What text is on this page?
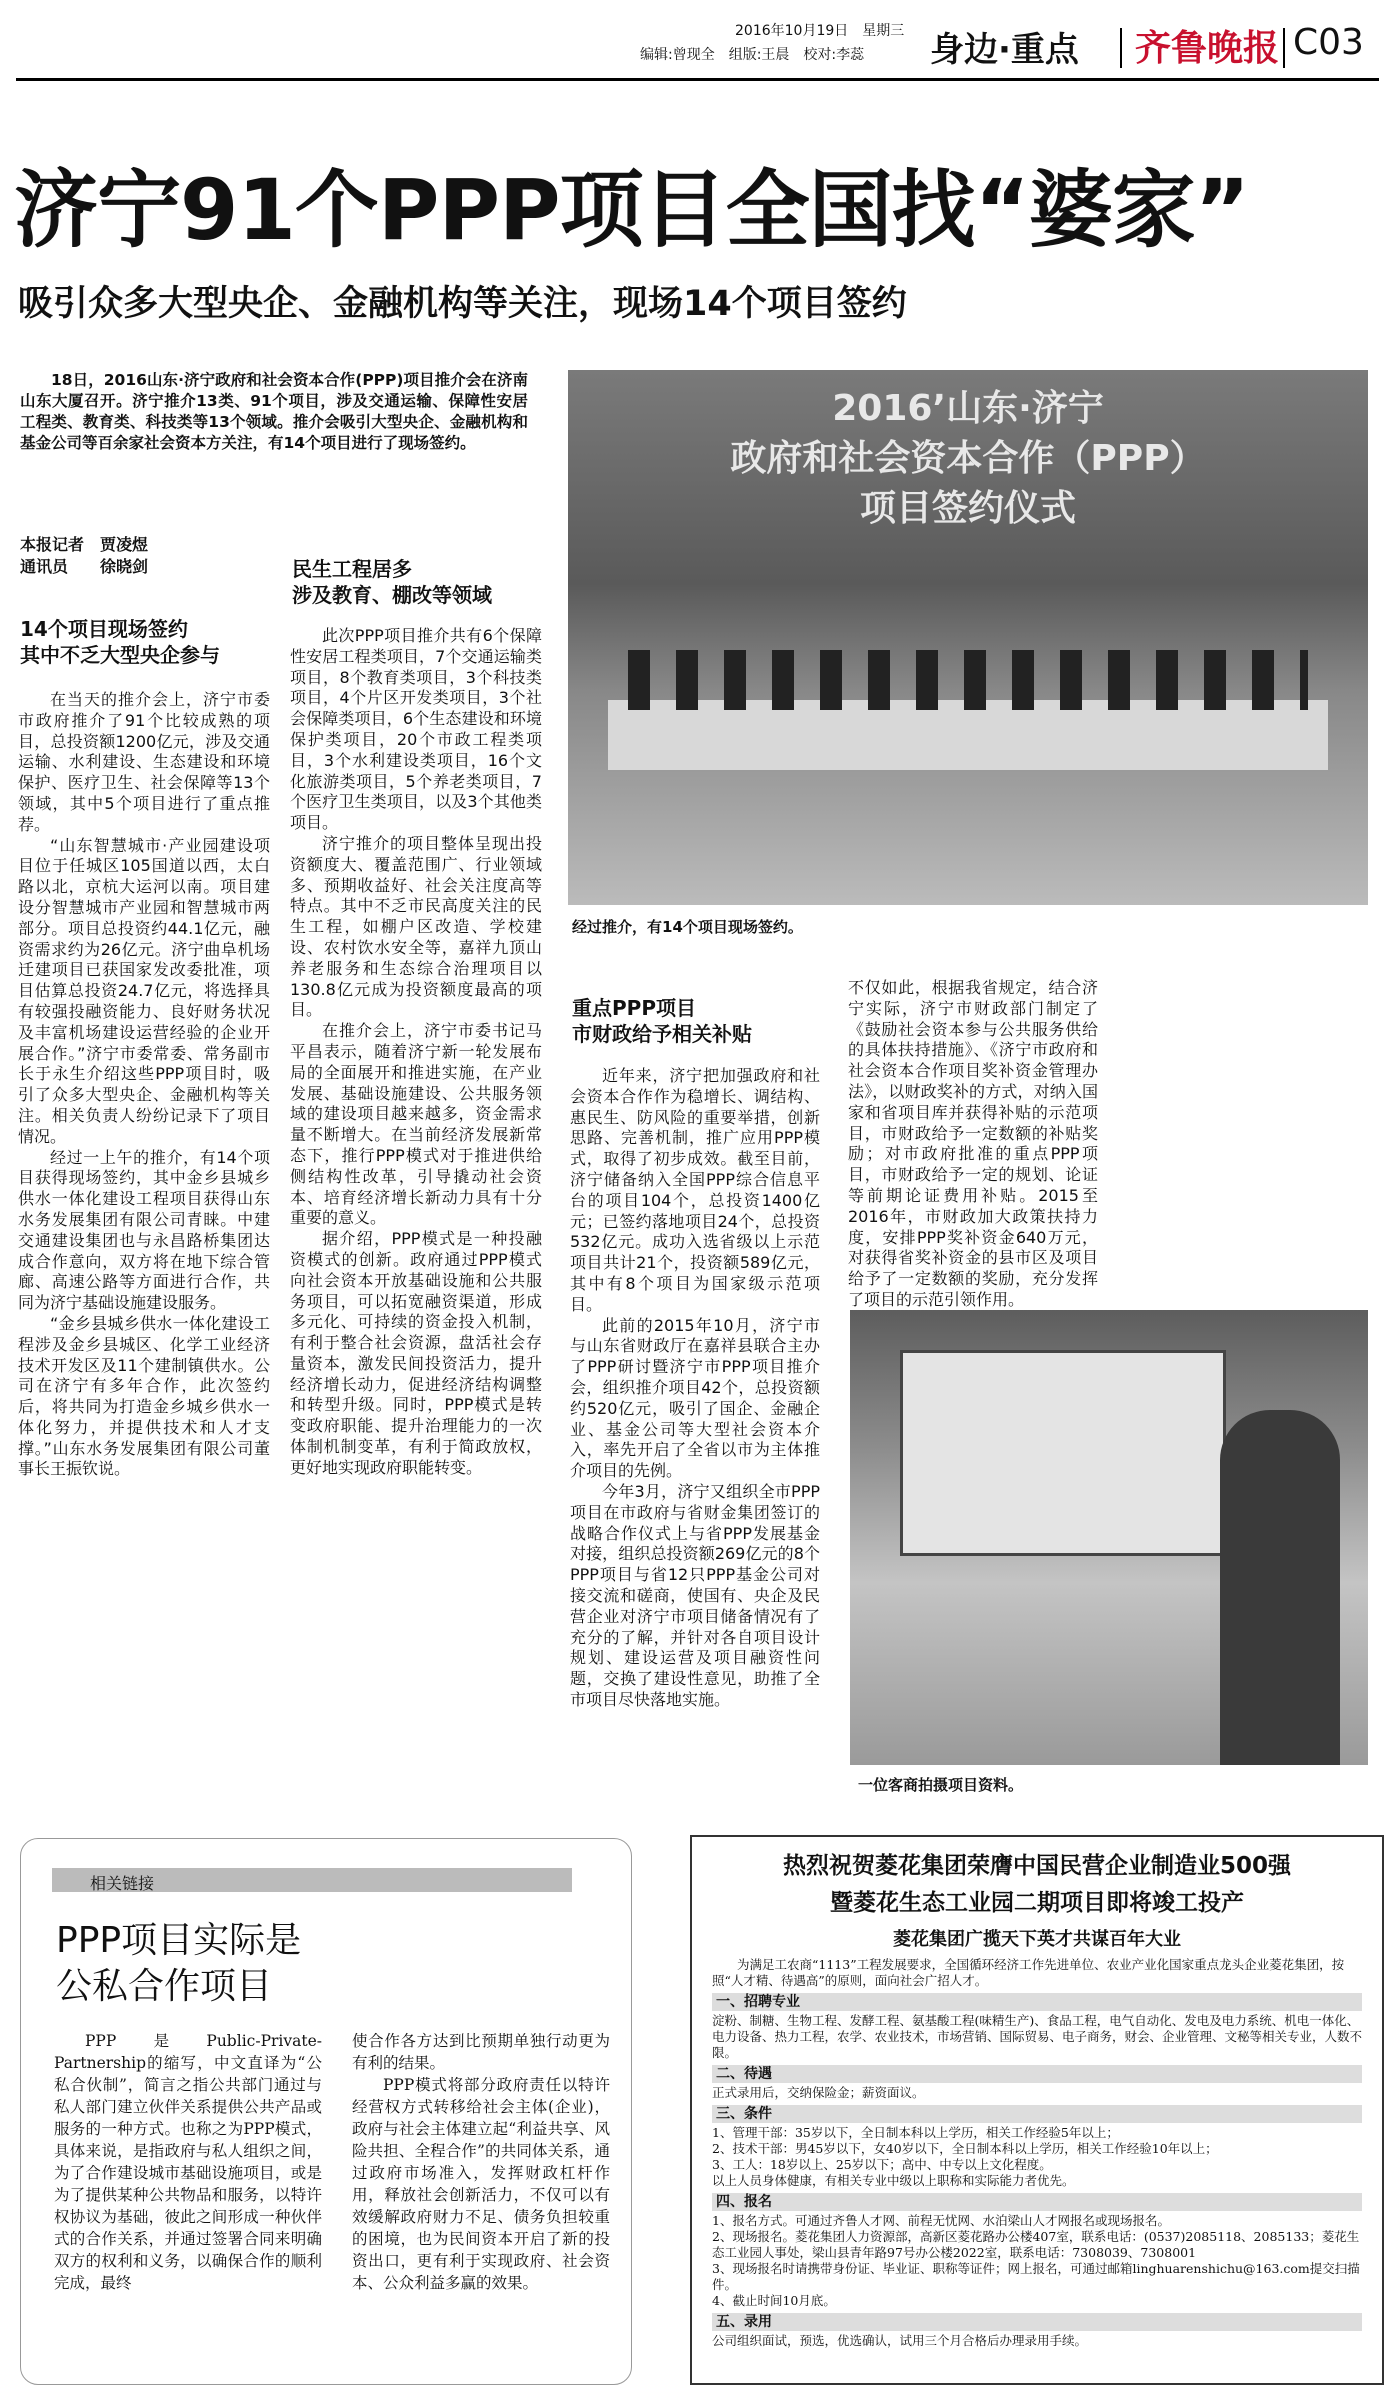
2016年10月19日　星期三
编辑:曾现全　组版:王晨　校对:李蕊 身边·重点 齐鲁晚报 C03
济宁91个PPP项目全国找“婆家”
吸引众多大型央企、金融机构等关注，现场14个项目签约

18日，2016山东·济宁政府和社会资本合作(PPP)项目推介会在济南山东大厦召开。济宁推介13类、91个项目，涉及交通运输、保障性安居工程类、教育类、科技类等13个领域。推介会吸引大型央企、金融机构和基金公司等百余家社会资本方关注，有14个项目进行了现场签约。

本报记者　贾凌煜
通讯员　　徐晓剑
2016’山东·济宁
政府和社会资本合作（PPP）
项目签约仪式
经过推介，有14个项目现场签约。
14个项目现场签约
其中不乏大型央企参与

在当天的推介会上，济宁市委市政府推介了91个比较成熟的项目，总投资额1200亿元，涉及交通运输、水利建设、生态建设和环境保护、医疗卫生、社会保障等13个领域，其中5个项目进行了重点推荐。

“山东智慧城市·产业园建设项目位于任城区105国道以西，太白路以北，京杭大运河以南。项目建设分智慧城市产业园和智慧城市两部分。项目总投资约44.1亿元，融资需求约为26亿元。济宁曲阜机场迁建项目已获国家发改委批准，项目估算总投资24.7亿元，将选择具有较强投融资能力、良好财务状况及丰富机场建设运营经验的企业开展合作。”济宁市委常委、常务副市长于永生介绍这些PPP项目时，吸引了众多大型央企、金融机构等关注。相关负责人纷纷记录下了项目情况。

经过一上午的推介，有14个项目获得现场签约，其中金乡县城乡供水一体化建设工程项目获得山东水务发展集团有限公司青睐。中建交通建设集团也与永昌路桥集团达成合作意向，双方将在地下综合管廊、高速公路等方面进行合作，共同为济宁基础设施建设服务。

“金乡县城乡供水一体化建设工程涉及金乡县城区、化学工业经济技术开发区及11个建制镇供水。公司在济宁有多年合作，此次签约后，将共同为打造金乡城乡供水一体化努力，并提供技术和人才支撑。”山东水务发展集团有限公司董事长王振钦说。

民生工程居多
涉及教育、棚改等领域

此次PPP项目推介共有6个保障性安居工程类项目，7个交通运输类项目，8个教育类项目，3个科技类项目，4个片区开发类项目，3个社会保障类项目，6个生态建设和环境保护类项目，20个市政工程类项目，3个水利建设类项目，16个文化旅游类项目，5个养老类项目，7个医疗卫生类项目，以及3个其他类项目。

济宁推介的项目整体呈现出投资额度大、覆盖范围广、行业领域多、预期收益好、社会关注度高等特点。其中不乏市民高度关注的民生工程，如棚户区改造、学校建设、农村饮水安全等，嘉祥九顶山养老服务和生态综合治理项目以130.8亿元成为投资额度最高的项目。

在推介会上，济宁市委书记马平昌表示，随着济宁新一轮发展布局的全面展开和推进实施，在产业发展、基础设施建设、公共服务领域的建设项目越来越多，资金需求量不断增大。在当前经济发展新常态下，推行PPP模式对于推进供给侧结构性改革，引导撬动社会资本、培育经济增长新动力具有十分重要的意义。

据介绍，PPP模式是一种投融资模式的创新。政府通过PPP模式向社会资本开放基础设施和公共服务项目，可以拓宽融资渠道，形成多元化、可持续的资金投入机制，有利于整合社会资源，盘活社会存量资本，激发民间投资活力，提升经济增长动力，促进经济结构调整和转型升级。同时，PPP模式是转变政府职能、提升治理能力的一次体制机制变革，有利于简政放权，更好地实现政府职能转变。

重点PPP项目
市财政给予相关补贴

近年来，济宁把加强政府和社会资本合作作为稳增长、调结构、惠民生、防风险的重要举措，创新思路、完善机制，推广应用PPP模式，取得了初步成效。截至目前，济宁储备纳入全国PPP综合信息平台的项目104个，总投资1400亿元；已签约落地项目24个，总投资532亿元。成功入选省级以上示范项目共计21个，投资额589亿元，其中有8个项目为国家级示范项目。

此前的2015年10月，济宁市与山东省财政厅在嘉祥县联合主办了PPP研讨暨济宁市PPP项目推介会，组织推介项目42个，总投资额约520亿元，吸引了国企、金融企业、基金公司等大型社会资本介入，率先开启了全省以市为主体推介项目的先例。

今年3月，济宁又组织全市PPP项目在市政府与省财金集团签订的战略合作仪式上与省PPP发展基金对接，组织总投资额269亿元的8个PPP项目与省12只PPP基金公司对接交流和磋商，使国有、央企及民营企业对济宁市项目储备情况有了充分的了解，并针对各自项目设计规划、建设运营及项目融资性问题，交换了建设性意见，助推了全市项目尽快落地实施。

不仅如此，根据我省规定，结合济宁实际，济宁市财政部门制定了《鼓励社会资本参与公共服务供给的具体扶持措施》、《济宁市政府和社会资本合作项目奖补资金管理办法》，以财政奖补的方式，对纳入国家和省项目库并获得补贴的示范项目，市财政给予一定数额的补贴奖励；对市政府批准的重点PPP项目，市财政给予一定的规划、论证等前期论证费用补贴。2015至2016年，市财政加大政策扶持力度，安排PPP奖补资金640万元，对获得省奖补资金的县市区及项目给予了一定数额的奖励，充分发挥了项目的示范引领作用。

一位客商拍摄项目资料。
相关链接
PPP项目实际是
公私合作项目

PPP是Public-Private-Partnership的缩写，中文直译为“公私合伙制”，简言之指公共部门通过与私人部门建立伙伴关系提供公共产品或服务的一种方式。也称之为PPP模式，具体来说，是指政府与私人组织之间，为了合作建设城市基础设施项目，或是为了提供某种公共物品和服务，以特许权协议为基础，彼此之间形成一种伙伴式的合作关系，并通过签署合同来明确双方的权利和义务，以确保合作的顺利完成，最终

使合作各方达到比预期单独行动更为有利的结果。

PPP模式将部分政府责任以特许经营权方式转移给社会主体(企业)，政府与社会主体建立起“利益共享、风险共担、全程合作”的共同体关系，通过政府市场准入，发挥财政杠杆作用，释放社会创新活力，不仅可以有效缓解政府财力不足、债务负担较重的困境，也为民间资本开启了新的投资出口，更有利于实现政府、社会资本、公众利益多赢的效果。

热烈祝贺菱花集团荣膺中国民营企业制造业500强
暨菱花生态工业园二期项目即将竣工投产
菱花集团广揽天下英才共谋百年大业

为满足工农商“1113”工程发展要求，全国循环经济工作先进单位、农业产业化国家重点龙头企业菱花集团，按照“人才精、待遇高”的原则，面向社会广招人才。

一、招聘专业

淀粉、制糖、生物工程、发酵工程、氨基酸工程(味精生产)、食品工程，电气自动化、发电及电力系统、机电一体化、电力设备、热力工程，农学、农业技术，市场营销、国际贸易、电子商务，财会、企业管理、文秘等相关专业，人数不限。

二、待遇

正式录用后，交纳保险金；薪资面议。

三、条件

1、管理干部：35岁以下，全日制本科以上学历，相关工作经验5年以上；

2、技术干部：男45岁以下，女40岁以下，全日制本科以上学历，相关工作经验10年以上；

3、工人：18岁以上、25岁以下；高中、中专以上文化程度。

以上人员身体健康，有相关专业中级以上职称和实际能力者优先。

四、报名

1、报名方式。可通过齐鲁人才网、前程无忧网、水泊梁山人才网报名或现场报名。

2、现场报名。菱花集团人力资源部，高新区菱花路办公楼407室，联系电话：(0537)2085118、2085133；菱花生态工业园人事处，梁山县青年路97号办公楼2022室，联系电话：7308039、7308001

3、现场报名时请携带身份证、毕业证、职称等证件；网上报名，可通过邮箱linghuarenshichu@163.com提交扫描件。

4、截止时间10月底。

五、录用

公司组织面试，预选，优选确认，试用三个月合格后办理录用手续。
